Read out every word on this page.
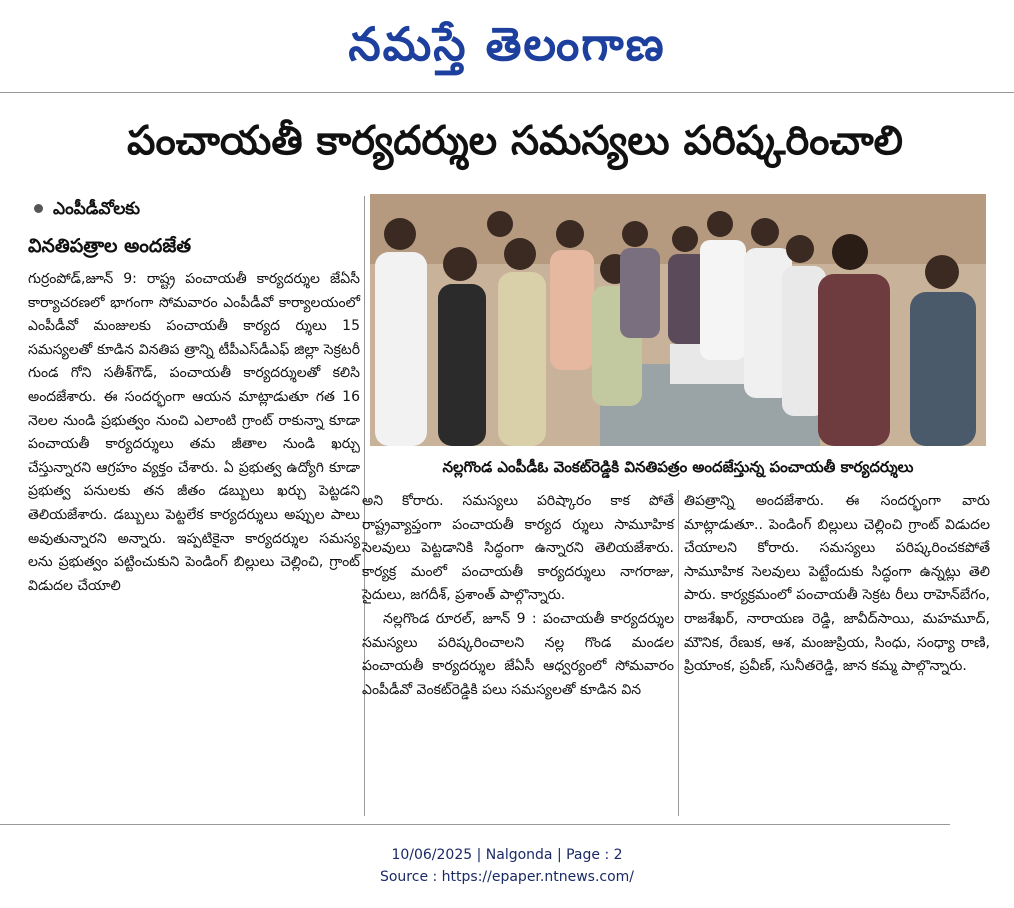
నమస్తే తెలంగాణ
పంచాయతీ కార్యదర్శుల సమస్యలు పరిష్కరించాలి
ఎంపీడీవోలకు
వినతిపత్రాల అందజేత

గుర్రంపోడ్,జూన్ 9: రాష్ట్ర పంచాయతీ కార్యదర్శుల జేఏసీ కార్యాచరణలో భాగంగా సోమవారం ఎంపీడీవో కార్యాలయంలో ఎంపీడీవో మంజులకు పంచాయతీ కార్యద ర్శులు 15 సమస్యలతో కూడిన వినతిప త్రాన్ని టీపీఎస్‌డీఎఫ్ జిల్లా సెక్రటరీ గుండ గోని సతీశ్‌గౌడ్, పంచాయతీ కార్యదర్శులతో కలిసి అందజేశారు. ఈ సందర్భంగా ఆయన మాట్లాడుతూ గత 16 నెలల నుండి ప్రభుత్వం నుంచి ఎలాంటి గ్రాంట్ రాకున్నా కూడా పంచాయతీ కార్యదర్శులు తమ జీతాల నుండి ఖర్చు చేస్తున్నారని ఆగ్రహం వ్యక్తం చేశారు. ఏ ప్రభుత్వ ఉద్యోగి కూడా ప్రభుత్వ పనులకు తన జీతం డబ్బులు ఖర్చు పెట్టడని తెలియజేశారు. డబ్బులు పెట్టలేక కార్యదర్శులు అప్పుల పాలు అవుతున్నారని అన్నారు. ఇప్పటికైనా కార్యదర్శుల సమస్య లను ప్రభుత్వం పట్టించుకుని పెండింగ్ బిల్లులు చెల్లించి, గ్రాంట్ విడుదల చేయాలి

నల్లగొండ ఎంపీడీఓ వెంకట్‌రెడ్డికి వినతిపత్రం అందజేస్తున్న పంచాయతీ కార్యదర్శులు

అని కోరారు. సమస్యలు పరిష్కారం కాక పోతే రాష్ట్రవ్యాప్తంగా పంచాయతీ కార్యద ర్శులు సామూహిక సెలవులు పెట్టడానికి సిద్ధంగా ఉన్నారని తెలియజేశారు. కార్యక్ర మంలో పంచాయతీ కార్యదర్శులు నాగరాజు, సైదులు, జగదీశ్, ప్రశాంత్ పాల్గొన్నారు.

నల్లగొండ రూరల్, జూన్ 9 : పంచాయతీ కార్యదర్శుల సమస్యలు పరిష్కరించాలని నల్ల గొండ మండల పంచాయతీ కార్యదర్శుల జేఏసీ ఆధ్వర్యంలో సోమవారం ఎంపీడీవో వెంకట్‌రెడ్డికి పలు సమస్యలతో కూడిన విన

తిపత్రాన్ని అందజేశారు. ఈ సందర్భంగా వారు మాట్లాడుతూ.. పెండింగ్ బిల్లులు చెల్లించి గ్రాంట్ విడుదల చేయాలని కోరారు. సమస్యలు పరిష్కరించకపోతే సామూహిక సెలవులు పెట్టేందుకు సిద్ధంగా ఉన్నట్లు తెలి పారు. కార్యక్రమంలో పంచాయతీ సెక్రట రీలు రాహెన్‌బేగం, రాజశేఖర్, నారాయణ రెడ్డి, జావీద్‌సాయి, మహమూద్, మౌనిక, రేణుక, ఆశ, మంజుప్రియ, సింధు, సంధ్యా రాణి, ప్రియాంక, ప్రవీణ్, సునీతరెడ్డి, జాన కమ్మ పాల్గొన్నారు.

10/06/2025 | Nalgonda | Page : 2
Source : https://epaper.ntnews.com/
